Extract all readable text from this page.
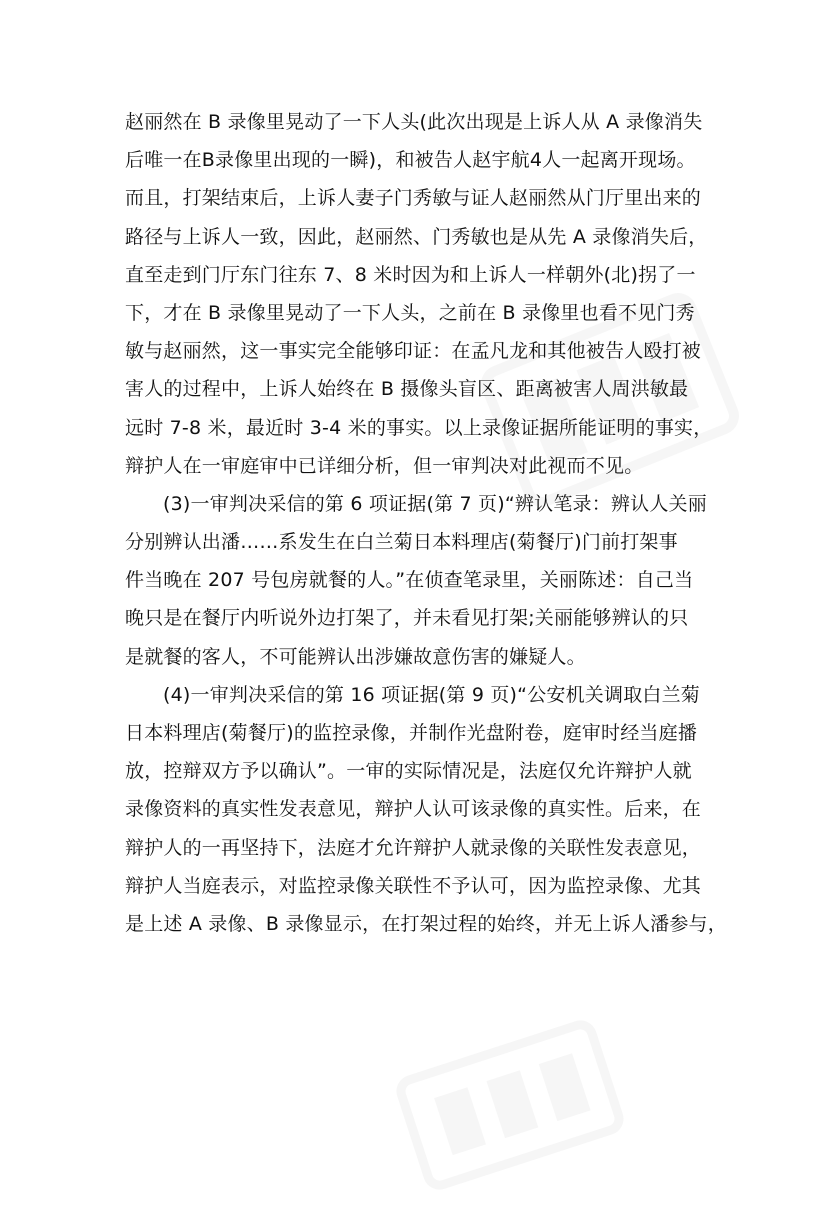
赵丽然在 B 录像里晃动了一下人头(此次出现是上诉人从 A 录像消失
后唯一在B录像里出现的一瞬)，和被告人赵宇航4人一起离开现场。
而且，打架结束后，上诉人妻子门秀敏与证人赵丽然从门厅里出来的
路径与上诉人一致，因此，赵丽然、门秀敏也是从先 A 录像消失后，
直至走到门厅东门往东 7、8 米时因为和上诉人一样朝外(北)拐了一
下，才在 B 录像里晃动了一下人头，之前在 B 录像里也看不见门秀
敏与赵丽然，这一事实完全能够印证：在孟凡龙和其他被告人殴打被
害人的过程中，上诉人始终在 B 摄像头盲区、距离被害人周洪敏最
远时 7-8 米，最近时 3-4 米的事实。以上录像证据所能证明的事实，
辩护人在一审庭审中已详细分析，但一审判决对此视而不见。
(3)一审判决采信的第 6 项证据(第 7 页)“辨认笔录：辨认人关丽
分别辨认出潘……系发生在白兰菊日本料理店(菊餐厅)门前打架事
件当晚在 207 号包房就餐的人。”在侦查笔录里，关丽陈述：自己当
晚只是在餐厅内听说外边打架了，并未看见打架;关丽能够辨认的只
是就餐的客人，不可能辨认出涉嫌故意伤害的嫌疑人。
(4)一审判决采信的第 16 项证据(第 9 页)“公安机关调取白兰菊
日本料理店(菊餐厅)的监控录像，并制作光盘附卷，庭审时经当庭播
放，控辩双方予以确认”。一审的实际情况是，法庭仅允许辩护人就
录像资料的真实性发表意见，辩护人认可该录像的真实性。后来，在
辩护人的一再坚持下，法庭才允许辩护人就录像的关联性发表意见，
辩护人当庭表示，对监控录像关联性不予认可，因为监控录像、尤其
是上述 A 录像、B 录像显示，在打架过程的始终，并无上诉人潘参与，
